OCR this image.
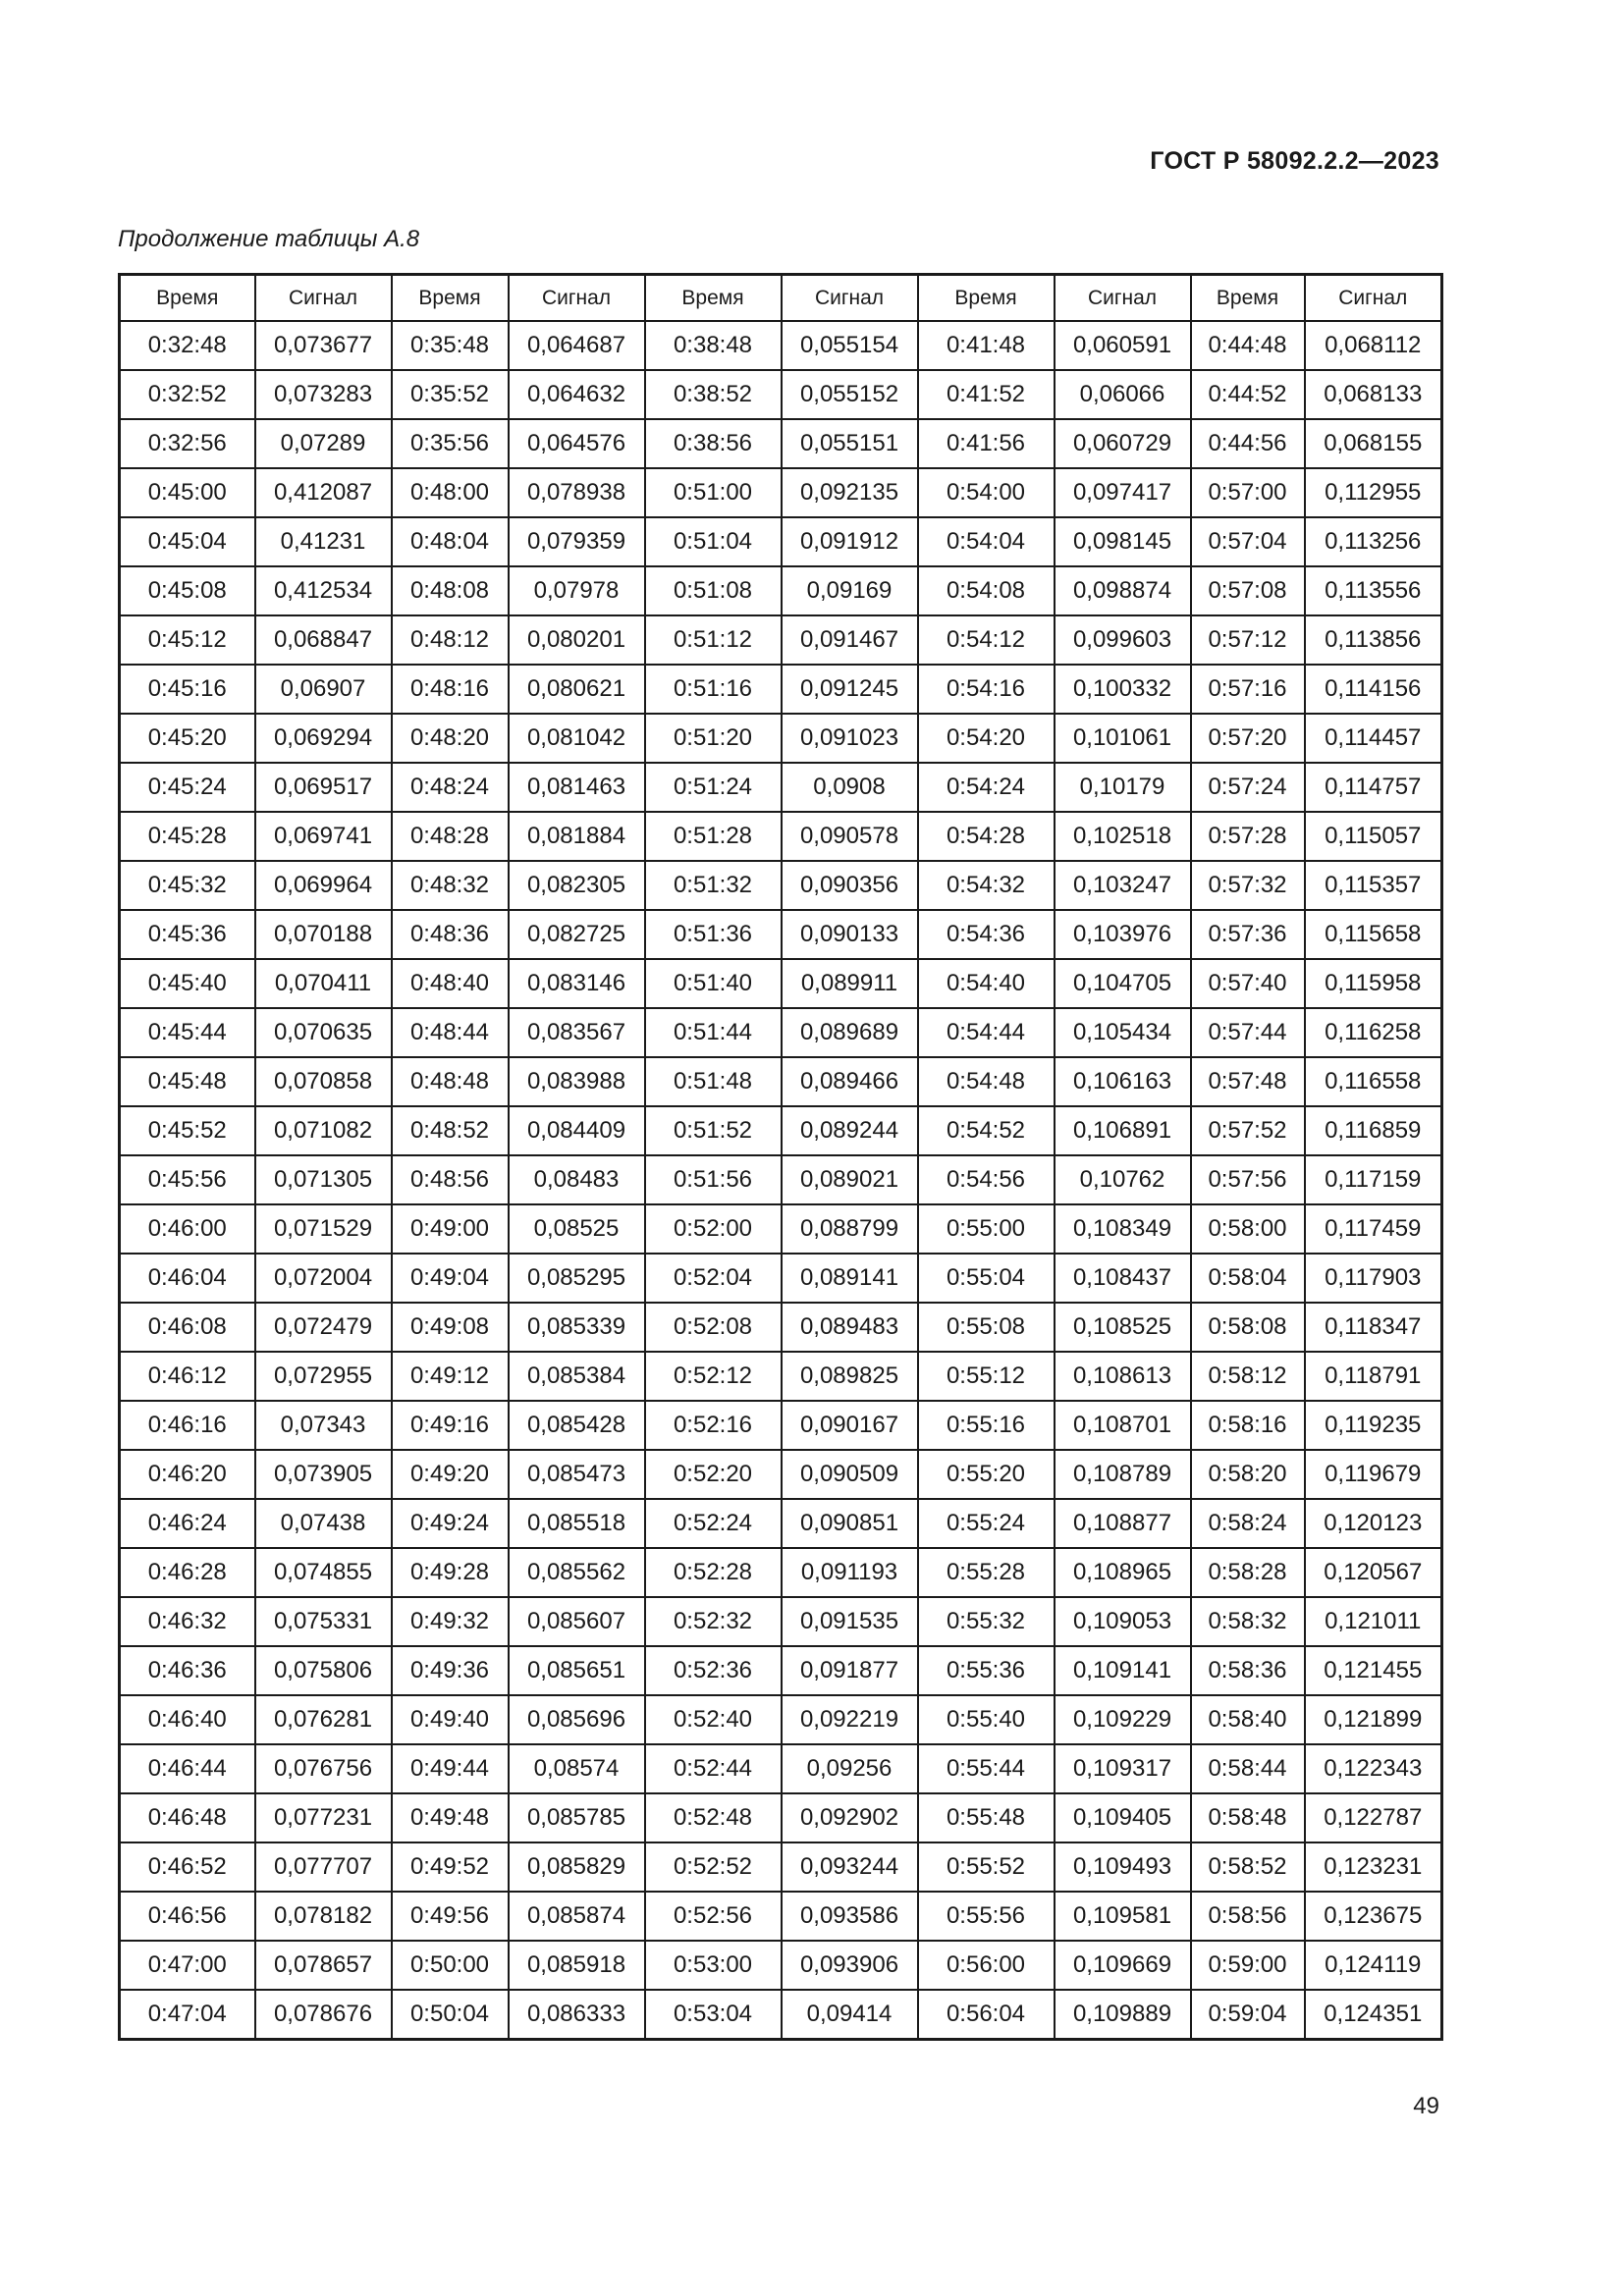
ГОСТ Р 58092.2.2—2023
Продолжение таблицы А.8
Время	Сигнал	Время	Сигнал	Время	Сигнал	Время	Сигнал	Время	Сигнал
0:32:48	0,073677	0:35:48	0,064687	0:38:48	0,055154	0:41:48	0,060591	0:44:48	0,068112
0:32:52	0,073283	0:35:52	0,064632	0:38:52	0,055152	0:41:52	0,06066	0:44:52	0,068133
0:32:56	0,07289	0:35:56	0,064576	0:38:56	0,055151	0:41:56	0,060729	0:44:56	0,068155
0:45:00	0,412087	0:48:00	0,078938	0:51:00	0,092135	0:54:00	0,097417	0:57:00	0,112955
0:45:04	0,41231	0:48:04	0,079359	0:51:04	0,091912	0:54:04	0,098145	0:57:04	0,113256
0:45:08	0,412534	0:48:08	0,07978	0:51:08	0,09169	0:54:08	0,098874	0:57:08	0,113556
0:45:12	0,068847	0:48:12	0,080201	0:51:12	0,091467	0:54:12	0,099603	0:57:12	0,113856
0:45:16	0,06907	0:48:16	0,080621	0:51:16	0,091245	0:54:16	0,100332	0:57:16	0,114156
0:45:20	0,069294	0:48:20	0,081042	0:51:20	0,091023	0:54:20	0,101061	0:57:20	0,114457
0:45:24	0,069517	0:48:24	0,081463	0:51:24	0,0908	0:54:24	0,10179	0:57:24	0,114757
0:45:28	0,069741	0:48:28	0,081884	0:51:28	0,090578	0:54:28	0,102518	0:57:28	0,115057
0:45:32	0,069964	0:48:32	0,082305	0:51:32	0,090356	0:54:32	0,103247	0:57:32	0,115357
0:45:36	0,070188	0:48:36	0,082725	0:51:36	0,090133	0:54:36	0,103976	0:57:36	0,115658
0:45:40	0,070411	0:48:40	0,083146	0:51:40	0,089911	0:54:40	0,104705	0:57:40	0,115958
0:45:44	0,070635	0:48:44	0,083567	0:51:44	0,089689	0:54:44	0,105434	0:57:44	0,116258
0:45:48	0,070858	0:48:48	0,083988	0:51:48	0,089466	0:54:48	0,106163	0:57:48	0,116558
0:45:52	0,071082	0:48:52	0,084409	0:51:52	0,089244	0:54:52	0,106891	0:57:52	0,116859
0:45:56	0,071305	0:48:56	0,08483	0:51:56	0,089021	0:54:56	0,10762	0:57:56	0,117159
0:46:00	0,071529	0:49:00	0,08525	0:52:00	0,088799	0:55:00	0,108349	0:58:00	0,117459
0:46:04	0,072004	0:49:04	0,085295	0:52:04	0,089141	0:55:04	0,108437	0:58:04	0,117903
0:46:08	0,072479	0:49:08	0,085339	0:52:08	0,089483	0:55:08	0,108525	0:58:08	0,118347
0:46:12	0,072955	0:49:12	0,085384	0:52:12	0,089825	0:55:12	0,108613	0:58:12	0,118791
0:46:16	0,07343	0:49:16	0,085428	0:52:16	0,090167	0:55:16	0,108701	0:58:16	0,119235
0:46:20	0,073905	0:49:20	0,085473	0:52:20	0,090509	0:55:20	0,108789	0:58:20	0,119679
0:46:24	0,07438	0:49:24	0,085518	0:52:24	0,090851	0:55:24	0,108877	0:58:24	0,120123
0:46:28	0,074855	0:49:28	0,085562	0:52:28	0,091193	0:55:28	0,108965	0:58:28	0,120567
0:46:32	0,075331	0:49:32	0,085607	0:52:32	0,091535	0:55:32	0,109053	0:58:32	0,121011
0:46:36	0,075806	0:49:36	0,085651	0:52:36	0,091877	0:55:36	0,109141	0:58:36	0,121455
0:46:40	0,076281	0:49:40	0,085696	0:52:40	0,092219	0:55:40	0,109229	0:58:40	0,121899
0:46:44	0,076756	0:49:44	0,08574	0:52:44	0,09256	0:55:44	0,109317	0:58:44	0,122343
0:46:48	0,077231	0:49:48	0,085785	0:52:48	0,092902	0:55:48	0,109405	0:58:48	0,122787
0:46:52	0,077707	0:49:52	0,085829	0:52:52	0,093244	0:55:52	0,109493	0:58:52	0,123231
0:46:56	0,078182	0:49:56	0,085874	0:52:56	0,093586	0:55:56	0,109581	0:58:56	0,123675
0:47:00	0,078657	0:50:00	0,085918	0:53:00	0,093906	0:56:00	0,109669	0:59:00	0,124119
0:47:04	0,078676	0:50:04	0,086333	0:53:04	0,09414	0:56:04	0,109889	0:59:04	0,124351
49
